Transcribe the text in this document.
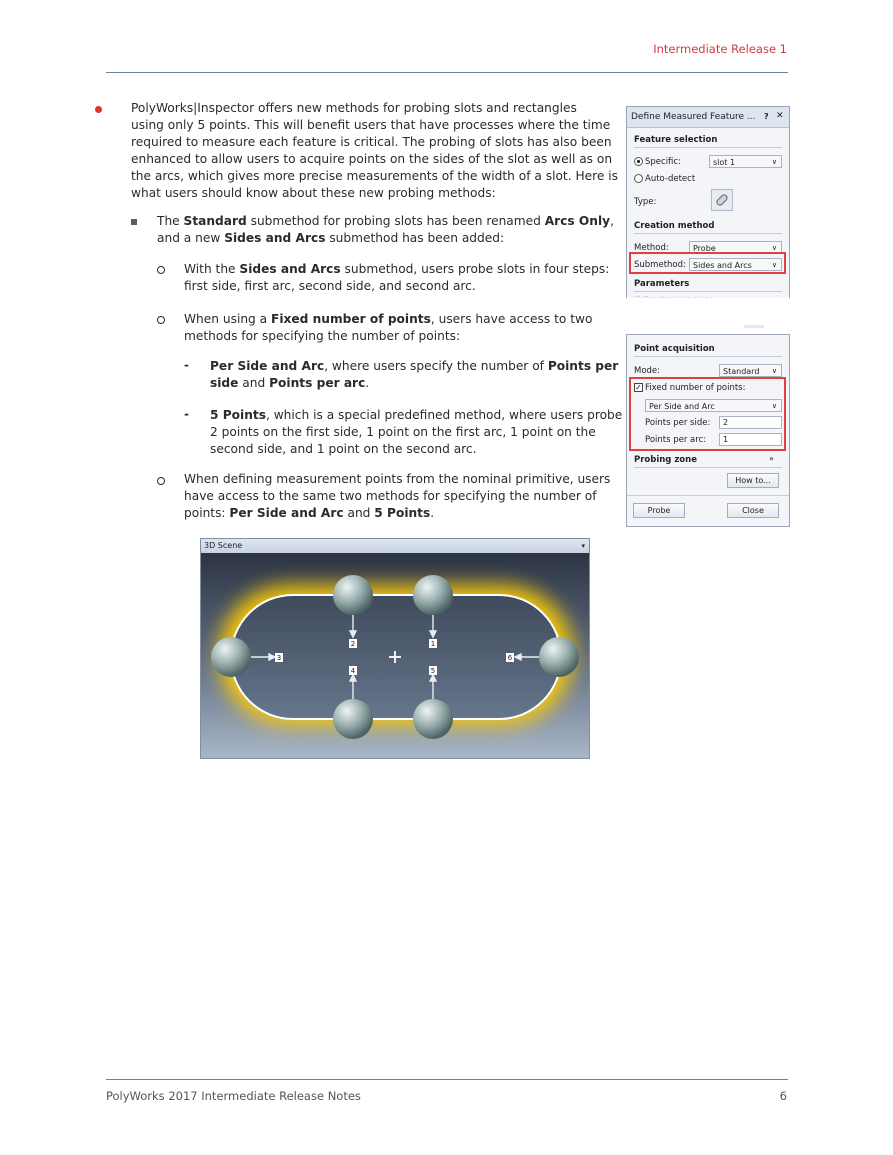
Intermediate Release 1
PolyWorks|Inspector offers new methods for probing slots and rectangles
using only 5 points. This will benefit users that have processes where the time
required to measure each feature is critical. The probing of slots has also been
enhanced to allow users to acquire points on the sides of the slot as well as on
the arcs, which gives more precise measurements of the width of a slot. Here is
what users should know about these new probing methods:
The Standard submethod for probing slots has been renamed Arcs Only,
and a new Sides and Arcs submethod has been added:
With the Sides and Arcs submethod, users probe slots in four steps:
first side, first arc, second side, and second arc.
When using a Fixed number of points, users have access to two
methods for specifying the number of points:
- Per Side and Arc, where users specify the number of Points per
side and Points per arc.
- 5 Points, which is a special predefined method, where users probe
2 points on the first side, 1 point on the first arc, 1 point on the
second side, and 1 point on the second arc.
When defining measurement points from the nominal primitive, users
have access to the same two methods for specifying the number of
points: Per Side and Arc and 5 Points.
Define Measured Feature ... ? ✕
Feature selection
Specific:	slot 1	∨
Auto-detect
Type:
Creation method
Method:	Probe	∨
Submethod: Sides and Arcs	∨
Parameters
Point acquisition
Mode:	Standard ∨
✓ Fixed number of points:
Per Side and Arc	∨
Points per side:	2
Points per arc:	1
Probing zone	»
How to...
Probe	Close
3D Scene	▾
2	1
3	6
4	5
PolyWorks 2017 Intermediate Release Notes	6
